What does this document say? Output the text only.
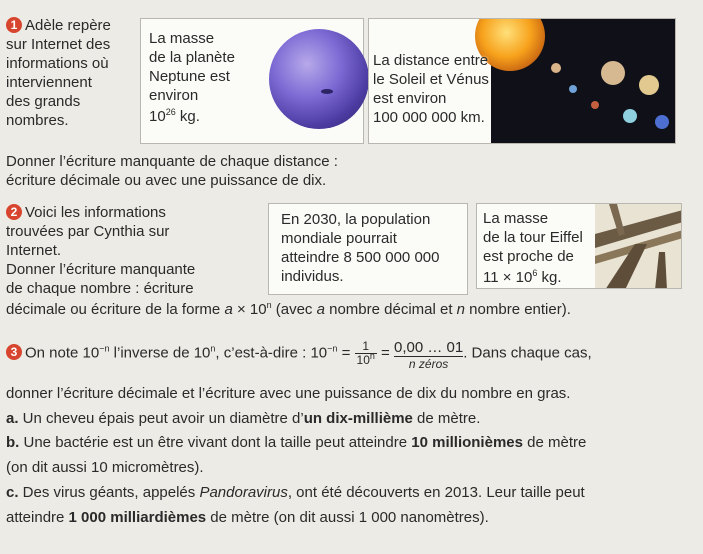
1 Adèle repère
sur Internet des
informations où
interviennent
des grands
nombres.
La masse
de la planète
Neptune est
environ
$10^{26}$ kg.
La distance entre
le Soleil et Vénus
est environ
100 000 000 km.
Donner l’écriture manquante de chaque distance :
écriture décimale ou avec une puissance de dix.
2 Voici les informations
trouvées par Cynthia sur
Internet.
Donner l’écriture manquante
de chaque nombre : écriture
En 2030, la population
mondiale pourrait
atteindre 8 500 000 000
individus.
La masse
de la tour Eiffel
est proche de
$11 \times 10^6$ kg.
décimale ou écriture de la forme $a \times 10^n$ (avec a nombre décimal et n nombre entier).
3 On note $10^{-n}$ l’inverse de 10$^n$, c’est-à-dire : $10^{-n} = \frac{1}{10^n} = 0,00$ … 01
n zéros
. Dans chaque cas,
donner l’écriture décimale et l’écriture avec une puissance de dix du nombre en gras.
a. Un cheveu épais peut avoir un diamètre d’un dix-millième de mètre.
b. Une bactérie est un être vivant dont la taille peut atteindre 10 millionièmes de mètre
(on dit aussi 10 micromètres).
c. Des virus géants, appelés Pandoravirus, ont été découverts en 2013. Leur taille peut
atteindre 1 000 milliardièmes de mètre (on dit aussi 1 000 nanomètres).
